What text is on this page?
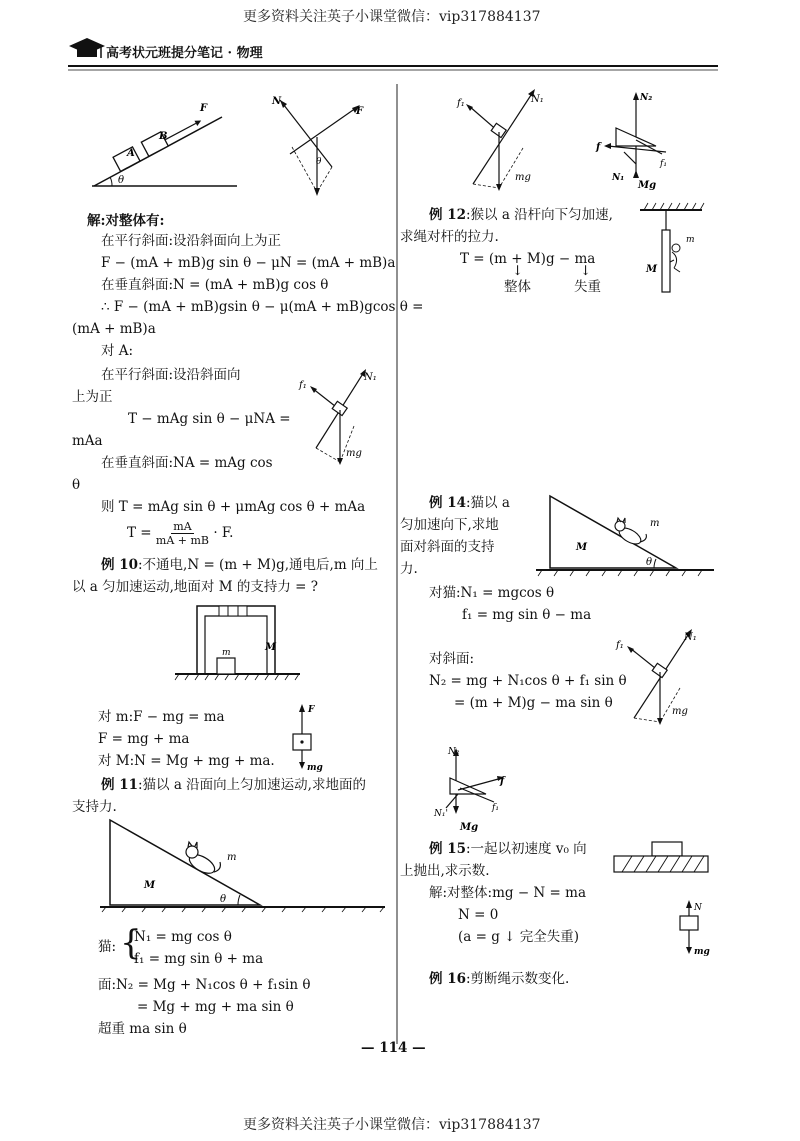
更多资料关注英子小课堂微信：vip317884137
更多资料关注英子小课堂微信：vip317884137
高考状元班提分笔记 · 物理
θ
A
B
F
N
F
θ
解:对整体有:
在平行斜面:设沿斜面向上为正
F − (mA + mB)g sin θ − μN = (mA + mB)a
在垂直斜面:N = (mA + mB)g cos θ
∴ F − (mA + mB)gsin θ − μ(mA + mB)gcos θ =
(mA + mB)a
对 A:
在平行斜面:设沿斜面向
上为正
T − mAg sin θ − μNA =
mAa
在垂直斜面:NA = mAg cos
θ
则 T = mAg sin θ + μmAg cos θ + mAa
$T = \frac{mA}{mA + mB} \cdot F$.
f₁
N₁
mg
例 10:不通电,N = (m + M)g,通电后,m 向上
以 a 匀加速运动,地面对 M 的支持力 = ?
m	M
对 m:F − mg = ma
F = mg + ma
对 M:N = Mg + mg + ma.
F
mg
例 11:猫以 a 沿面向上匀加速运动,求地面的
支持力.
θ
M
m
猫: {
N₁ = mg cos θ
f₁ = mg sin θ + ma
面:N₂ = Mg + N₁cos θ + f₁sin θ
= Mg + mg + ma sin θ
超重 ma sin θ
f₁	N₁
mg
N₂
f
f₁
N₁
Mg
例 12:猴以 a 沿杆向下匀加速,
求绳对杆的拉力.
T = (m + M)g − ma
↓	↓
整体	失重
m
M
例 14:猫以 a
匀加速向下,求地
面对斜面的支持
力.	θ
M
m
对猫:N₁ = mgcos θ
f₁ = mg sin θ − ma
对斜面:
N₂ = mg + N₁cos θ + f₁ sin θ
= (m + M)g − ma sin θ
f₁
N₁
mg
N₂
f
f₁
N₁'
Mg
例 15:一起以初速度 v₀ 向
上抛出,求示数.
解:对整体:mg − N = ma
N = 0
(a = g ↓ 完全失重)
N
mg
例 16:剪断绳示数变化.
— 114 —
